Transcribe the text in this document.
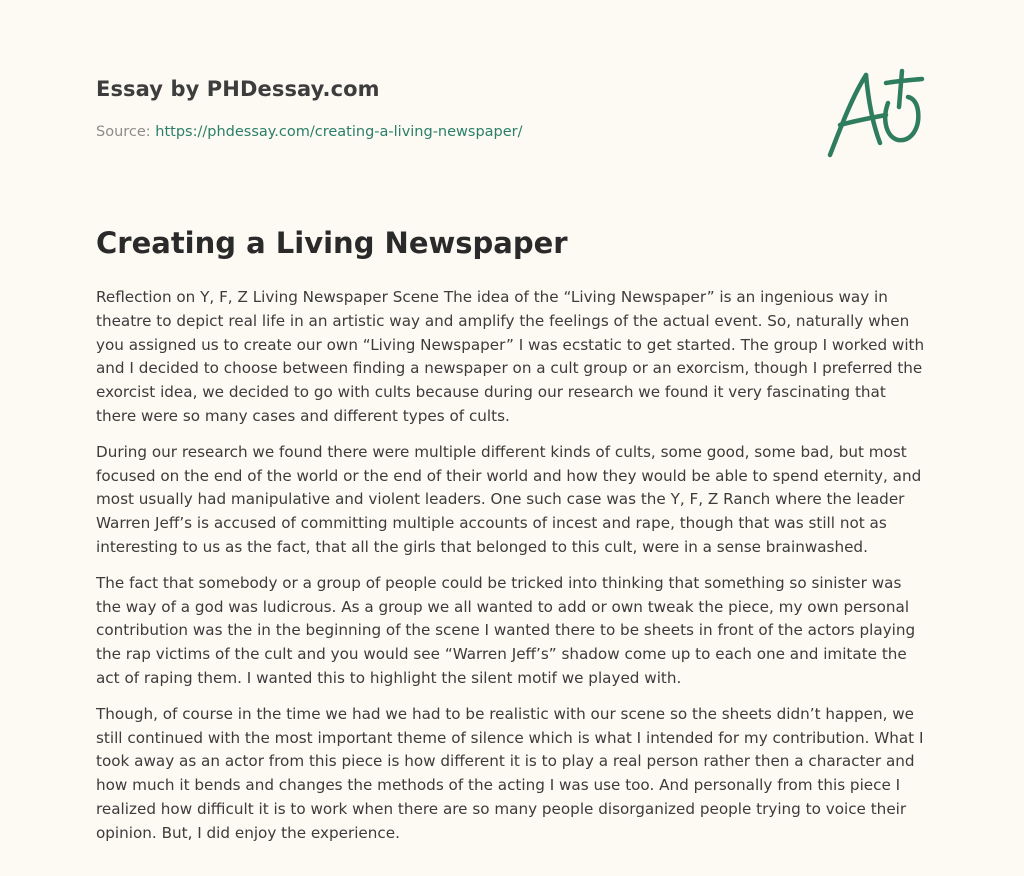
Essay by PHDessay.com
Source: https://phdessay.com/creating-a-living-newspaper/
Creating a Living Newspaper

Reflection on Y, F, Z Living Newspaper Scene The idea of the “Living Newspaper” is an ingenious way in theatre to depict real life in an artistic way and amplify the feelings of the actual event. So, naturally when you assigned us to create our own “Living Newspaper” I was ecstatic to get started. The group I worked with and I decided to choose between finding a newspaper on a cult group or an exorcism, though I preferred the exorcist idea, we decided to go with cults because during our research we found it very fascinating that there were so many cases and different types of cults.

During our research we found there were multiple different kinds of cults, some good, some bad, but most focused on the end of the world or the end of their world and how they would be able to spend eternity, and most usually had manipulative and violent leaders. One such case was the Y, F, Z Ranch where the leader Warren Jeff’s is accused of committing multiple accounts of incest and rape, though that was still not as interesting to us as the fact, that all the girls that belonged to this cult, were in a sense brainwashed.

The fact that somebody or a group of people could be tricked into thinking that something so sinister was the way of a god was ludicrous. As a group we all wanted to add or own tweak the piece, my own personal contribution was the in the beginning of the scene I wanted there to be sheets in front of the actors playing the rap victims of the cult and you would see “Warren Jeff’s” shadow come up to each one and imitate the act of raping them. I wanted this to highlight the silent motif we played with.

Though, of course in the time we had we had to be realistic with our scene so the sheets didn’t happen, we still continued with the most important theme of silence which is what I intended for my contribution. What I took away as an actor from this piece is how different it is to play a real person rather then a character and how much it bends and changes the methods of the acting I was use too. And personally from this piece I realized how difficult it is to work when there are so many people disorganized people trying to voice their opinion. But, I did enjoy the experience.
